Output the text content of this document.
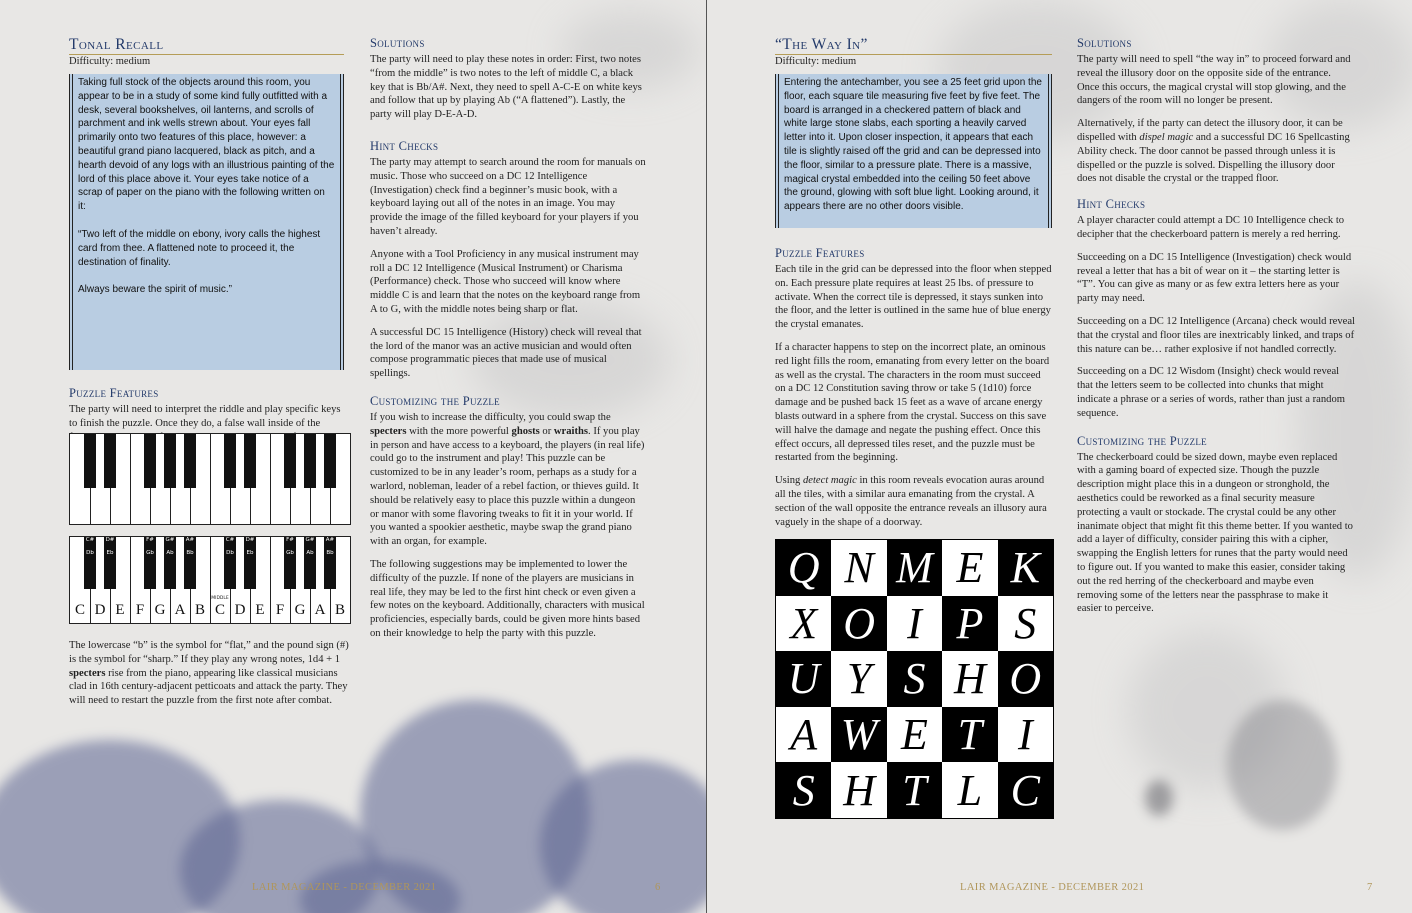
Tonal Recall
Difficulty: medium

Taking full stock of the objects around this room, you appear to be in a study of some kind fully outfitted with a desk, several bookshelves, oil lanterns, and scrolls of parchment and ink wells strewn about. Your eyes fall primarily onto two features of this place, however: a beautiful grand piano lacquered, black as pitch, and a hearth devoid of any logs with an illustrious painting of the lord of this place above it. Your eyes take notice of a scrap of paper on the piano with the following written on it:

“Two left of the middle on ebony, ivory calls the highest card from thee. A flattened note to proceed it, the destination of finality.

Always beware the spirit of music.”

Puzzle Features

The party will need to interpret the riddle and play specific keys to finish the puzzle. Once they do, a false wall inside of the

C D E F G A B C
MIDDLE
D E F G A B
C#
Db
D#
Eb
F#
Gb
G#
Ab
A#
Bb
C#
Db
D#
Eb
F#
Gb
G#
Ab
A#
Bb

The lowercase “b” is the symbol for “flat,” and the pound sign (#) is the symbol for “sharp.” If they play any wrong notes, 1d4 + 1 specters rise from the piano, appearing like classical musicians clad in 16th century-adjacent petticoats and attack the party. They will need to restart the puzzle from the first note after combat.

Solutions

The party will need to play these notes in order: First, two notes “from the middle” is two notes to the left of middle C, a black key that is Bb/A#. Next, they need to spell A-C-E on white keys and follow that up by playing Ab (“A flattened”). Lastly, the party will play D-E-A-D.

Hint Checks

The party may attempt to search around the room for manuals on music. Those who succeed on a DC 12 Intelligence (Investigation) check find a beginner’s music book, with a keyboard laying out all of the notes in an image. You may provide the image of the filled keyboard for your players if you haven’t already.

Anyone with a Tool Proficiency in any musical instrument may roll a DC 12 Intelligence (Musical Instrument) or Charisma (Performance) check. Those who succeed will know where middle C is and learn that the notes on the keyboard range from A to G, with the middle notes being sharp or flat.

A successful DC 15 Intelligence (History) check will reveal that the lord of the manor was an active musician and would often compose programmatic pieces that made use of musical spellings.

Customizing the Puzzle

If you wish to increase the difficulty, you could swap the specters with the more powerful ghosts or wraiths. If you play in person and have access to a keyboard, the players (in real life) could go to the instrument and play! This puzzle can be customized to be in any leader’s room, perhaps as a study for a warlord, nobleman, leader of a rebel faction, or thieves guild. It should be relatively easy to place this puzzle within a dungeon or manor with some flavoring tweaks to fit it in your world. If you wanted a spookier aesthetic, maybe swap the grand piano with an organ, for example.

The following suggestions may be implemented to lower the difficulty of the puzzle. If none of the players are musicians in real life, they may be led to the first hint check or even given a few notes on the keyboard. Additionally, characters with musical proficiencies, especially bards, could be given more hints based on their knowledge to help the party with this puzzle.

LAIR MAGAZINE - DECEMBER 2021	6
“The Way In”
Difficulty: medium

Entering the antechamber, you see a 25 feet grid upon the floor, each square tile measuring five feet by five feet. The board is arranged in a checkered pattern of black and white large stone slabs, each sporting a heavily carved letter into it. Upon closer inspection, it appears that each tile is slightly raised off the grid and can be depressed into the floor, similar to a pressure plate. There is a massive, magical crystal embedded into the ceiling 50 feet above the ground, glowing with soft blue light. Looking around, it appears there are no other doors visible.

Puzzle Features

Each tile in the grid can be depressed into the floor when stepped on. Each pressure plate requires at least 25 lbs. of pressure to activate. When the correct tile is depressed, it stays sunken into the floor, and the letter is outlined in the same hue of blue energy the crystal emanates.

If a character happens to step on the incorrect plate, an ominous red light fills the room, emanating from every letter on the board as well as the crystal. The characters in the room must succeed on a DC 12 Constitution saving throw or take 5 (1d10) force damage and be pushed back 15 feet as a wave of arcane energy blasts outward in a sphere from the crystal. Success on this save will halve the damage and negate the pushing effect. Once this effect occurs, all depressed tiles reset, and the puzzle must be restarted from the beginning.

Using detect magic in this room reveals evocation auras around all the tiles, with a similar aura emanating from the crystal. A section of the wall opposite the entrance reveals an illusory aura vaguely in the shape of a doorway.

Q N M E K
X O I P S
U Y S H O
A W E T I
S H T L C
Solutions

The party will need to spell “the way in” to proceed forward and reveal the illusory door on the opposite side of the entrance. Once this occurs, the magical crystal will stop glowing, and the dangers of the room will no longer be present.

Alternatively, if the party can detect the illusory door, it can be dispelled with dispel magic and a successful DC 16 Spellcasting Ability check. The door cannot be passed through unless it is dispelled or the puzzle is solved. Dispelling the illusory door does not disable the crystal or the trapped floor.

Hint Checks

A player character could attempt a DC 10 Intelligence check to decipher that the checkerboard pattern is merely a red herring.

Succeeding on a DC 15 Intelligence (Investigation) check would reveal a letter that has a bit of wear on it – the starting letter is “T”. You can give as many or as few extra letters here as your party may need.

Succeeding on a DC 12 Intelligence (Arcana) check would reveal that the crystal and floor tiles are inextricably linked, and traps of this nature can be… rather explosive if not handled correctly.

Succeeding on a DC 12 Wisdom (Insight) check would reveal that the letters seem to be collected into chunks that might indicate a phrase or a series of words, rather than just a random sequence.

Customizing the Puzzle

The checkerboard could be sized down, maybe even replaced with a gaming board of expected size. Though the puzzle description might place this in a dungeon or stronghold, the aesthetics could be reworked as a final security measure protecting a vault or stockade. The crystal could be any other inanimate object that might fit this theme better. If you wanted to add a layer of difficulty, consider pairing this with a cipher, swapping the English letters for runes that the party would need to figure out. If you wanted to make this easier, consider taking out the red herring of the checkerboard and maybe even removing some of the letters near the passphrase to make it easier to perceive.

LAIR MAGAZINE - DECEMBER 2021	7
